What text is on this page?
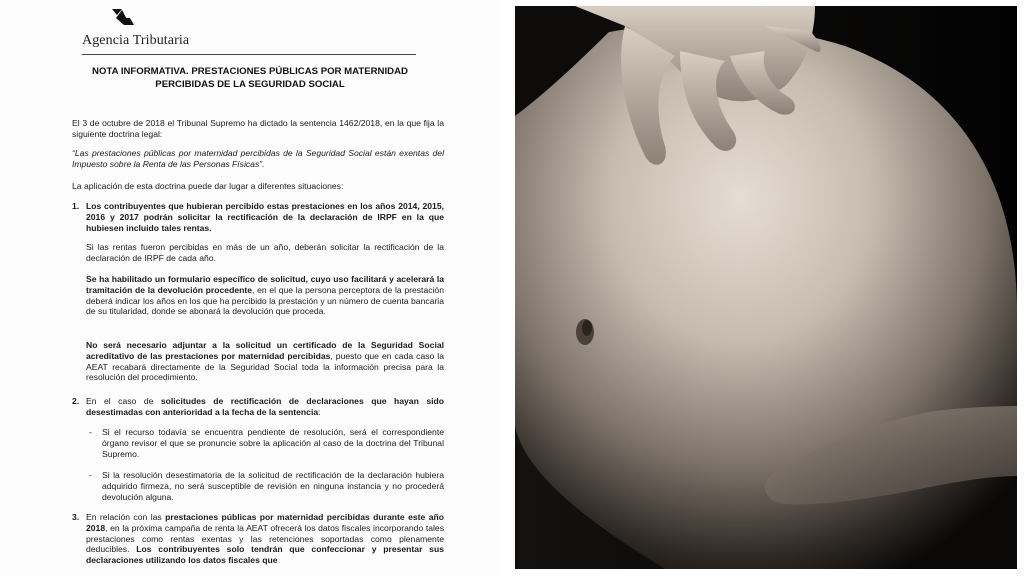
Agencia Tributaria
NOTA INFORMATIVA. PRESTACIONES PÚBLICAS POR MATERNIDAD
PERCIBIDAS DE LA SEGURIDAD SOCIAL
El 3 de octubre de 2018 el Tribunal Supremo ha dictado la sentencia 1462/2018, en la que fija la siguiente doctrina legal:
“Las prestaciones públicas por maternidad percibidas de la Seguridad Social están exentas del Impuesto sobre la Renta de las Personas Físicas”.
La aplicación de esta doctrina puede dar lugar a diferentes situaciones:
1. Los contribuyentes que hubieran percibido estas prestaciones en los años 2014, 2015, 2016 y 2017 podrán solicitar la rectificación de la declaración de IRPF en la que hubiesen incluido tales rentas.
Si las rentas fueron percibidas en más de un año, deberán solicitar la rectificación de la declaración de IRPF de cada año.
Se ha habilitado un formulario específico de solicitud, cuyo uso facilitará y acelerará la tramitación de la devolución procedente, en el que la persona perceptora de la prestación deberá indicar los años en los que ha percibido la prestación y un número de cuenta bancaria de su titularidad, donde se abonará la devolución que proceda.
No será necesario adjuntar a la solicitud un certificado de la Seguridad Social acreditativo de las prestaciones por maternidad percibidas, puesto que en cada caso la AEAT recabará directamente de la Seguridad Social toda la información precisa para la resolución del procedimiento.
2. En el caso de solicitudes de rectificación de declaraciones que hayan sido desestimadas con anterioridad a la fecha de la sentencia:
- Si el recurso todavía se encuentra pendiente de resolución, será el correspondiente órgano revisor el que se pronuncie sobre la aplicación al caso de la doctrina del Tribunal Supremo.
- Si la resolución desestimatoria de la solicitud de rectificación de la declaración hubiera adquirido firmeza, no será susceptible de revisión en ninguna instancia y no procederá devolución alguna.
3. En relación con las prestaciones públicas por maternidad percibidas durante este año 2018, en la próxima campaña de renta la AEAT ofrecerá los datos fiscales incorporando tales prestaciones como rentas exentas y las retenciones soportadas como plenamente deducibles. Los contribuyentes solo tendrán que confeccionar y presentar sus declaraciones utilizando los datos fiscales que
